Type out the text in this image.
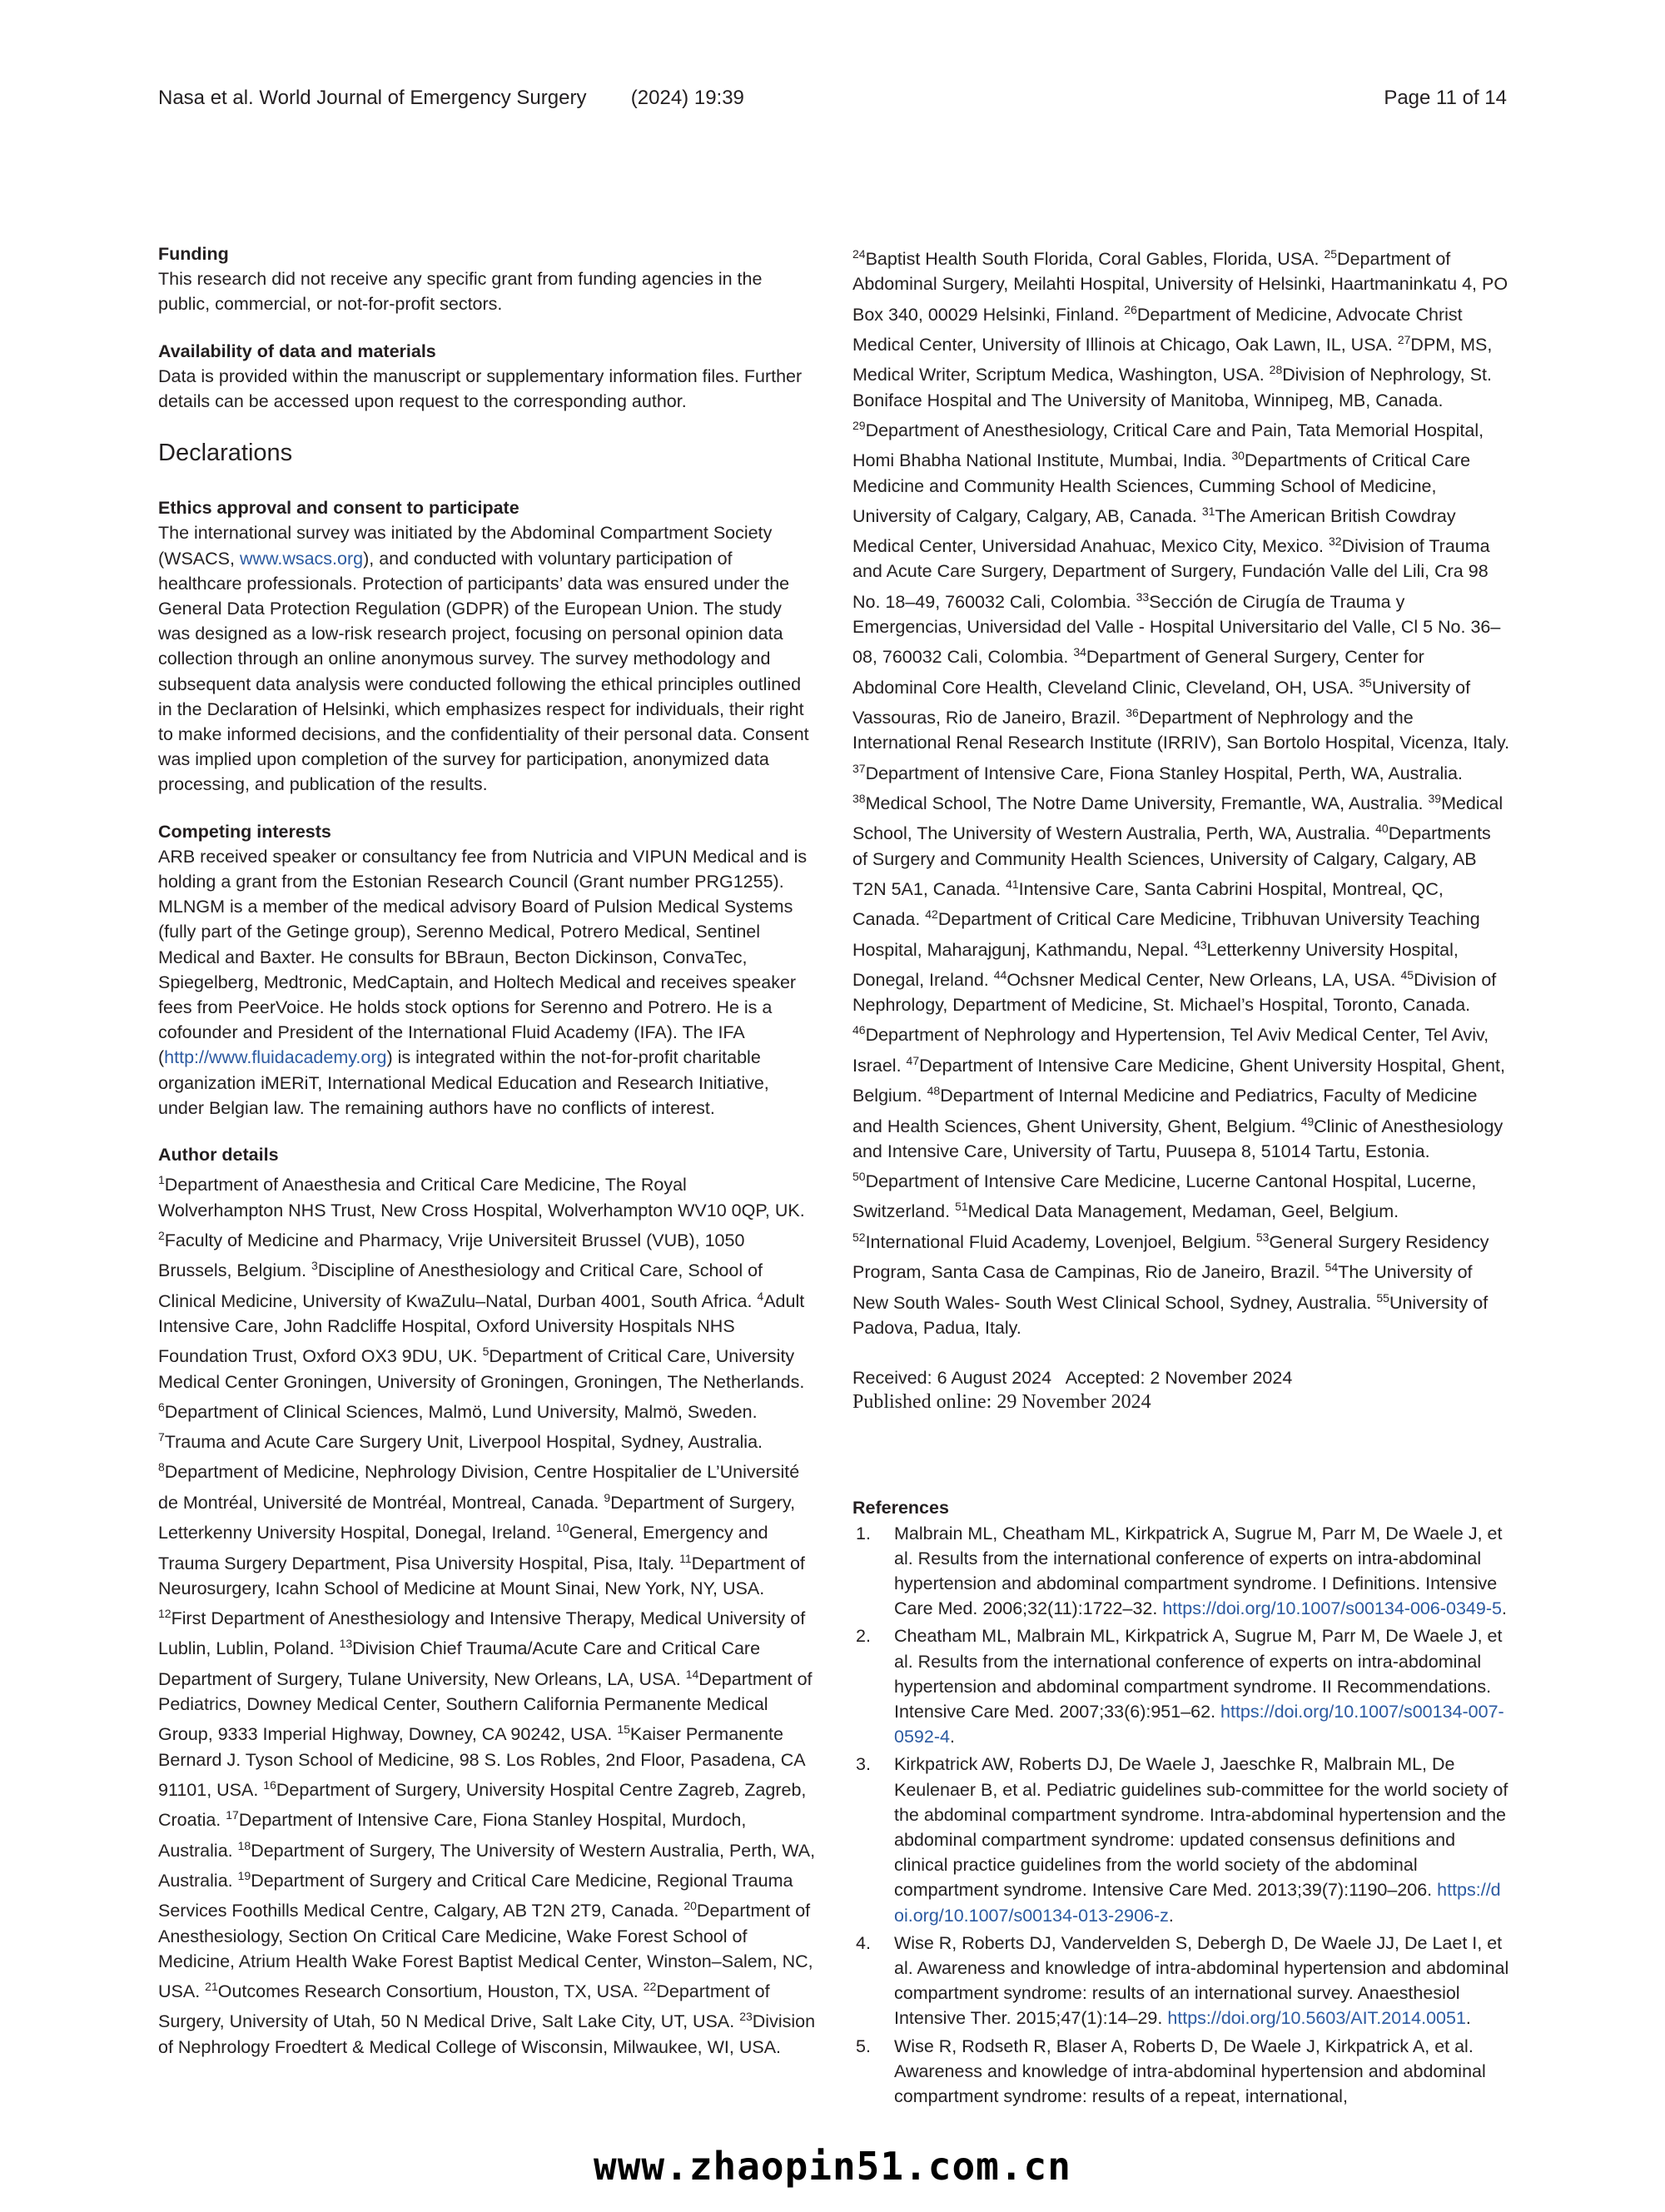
Nasa et al. World Journal of Emergency Surgery        (2024) 19:39	Page 11 of 14

Funding

This research did not receive any specific grant from funding agencies in the public, commercial, or not-for-profit sectors.

Availability of data and materials

Data is provided within the manuscript or supplementary information files. Further details can be accessed upon request to the corresponding author.

Declarations

Ethics approval and consent to participate

The international survey was initiated by the Abdominal Compartment Society (WSACS, www.wsacs.org), and conducted with voluntary participation of healthcare professionals. Protection of participants’ data was ensured under the General Data Protection Regulation (GDPR) of the European Union. The study was designed as a low-risk research project, focusing on personal opinion data collection through an online anonymous survey. The survey methodology and subsequent data analysis were conducted following the ethical principles outlined in the Declaration of Helsinki, which emphasizes respect for individuals, their right to make informed decisions, and the confidentiality of their personal data. Consent was implied upon completion of the survey for participation, anonymized data processing, and publication of the results.

Competing interests

ARB received speaker or consultancy fee from Nutricia and VIPUN Medical and is holding a grant from the Estonian Research Council (Grant number PRG1255). MLNGM is a member of the medical advisory Board of Pulsion Medical Systems (fully part of the Getinge group), Serenno Medical, Potrero Medical, Sentinel Medical and Baxter. He consults for BBraun, Becton Dickinson, ConvaTec, Spiegelberg, Medtronic, MedCaptain, and Holtech Medical and receives speaker fees from PeerVoice. He holds stock options for Serenno and Potrero. He is a cofounder and President of the International Fluid Academy (IFA). The IFA (http://www.fluidacademy.org) is integrated within the not-for-profit charitable organization iMERiT, International Medical Education and Research Initiative, under Belgian law. The remaining authors have no conflicts of interest.

Author details

$^1$Department of Anaesthesia and Critical Care Medicine, The Royal Wolverhampton NHS Trust, New Cross Hospital, Wolverhampton WV10 0QP, UK. $^2$Faculty of Medicine and Pharmacy, Vrije Universiteit Brussel (VUB), 1050 Brussels, Belgium. $^3$Discipline of Anesthesiology and Critical Care, School of Clinical Medicine, University of KwaZulu–Natal, Durban 4001, South Africa. $^4$Adult Intensive Care, John Radcliffe Hospital, Oxford University Hospitals NHS Foundation Trust, Oxford OX3 9DU, UK. $^5$Department of Critical Care, University Medical Center Groningen, University of Groningen, Groningen, The Netherlands. $^6$Department of Clinical Sciences, Malmö, Lund University, Malmö, Sweden. $^7$Trauma and Acute Care Surgery Unit, Liverpool Hospital, Sydney, Australia. $^8$Department of Medicine, Nephrology Division, Centre Hospitalier de L’Université de Montréal, Université de Montréal, Montreal, Canada. $^9$Department of Surgery, Letterkenny University Hospital, Donegal, Ireland. $^{10}$General, Emergency and Trauma Surgery Department, Pisa University Hospital, Pisa, Italy. $^{11}$Department of Neurosurgery, Icahn School of Medicine at Mount Sinai, New York, NY, USA. $^{12}$First Department of Anesthesiology and Intensive Therapy, Medical University of Lublin, Lublin, Poland. $^{13}$Division Chief Trauma/Acute Care and Critical Care Department of Surgery, Tulane University, New Orleans, LA, USA. $^{14}$Department of Pediatrics, Downey Medical Center, Southern California Permanente Medical Group, 9333 Imperial Highway, Downey, CA 90242, USA. $^{15}$Kaiser Permanente Bernard J. Tyson School of Medicine, 98 S. Los Robles, 2nd Floor, Pasadena, CA 91101, USA. $^{16}$Department of Surgery, University Hospital Centre Zagreb, Zagreb, Croatia. $^{17}$Department of Intensive Care, Fiona Stanley Hospital, Murdoch, Australia. $^{18}$Department of Surgery, The University of Western Australia, Perth, WA, Australia. $^{19}$Department of Surgery and Critical Care Medicine, Regional Trauma Services Foothills Medical Centre, Calgary, AB T2N 2T9, Canada. $^{20}$Department of Anesthesiology, Section On Critical Care Medicine, Wake Forest School of Medicine, Atrium Health Wake Forest Baptist Medical Center, Winston–Salem, NC, USA. $^{21}$Outcomes Research Consortium, Houston, TX, USA. $^{22}$Department of Surgery, University of Utah, 50 N Medical Drive, Salt Lake City, UT, USA. $^{23}$Division of Nephrology Froedtert & Medical College of Wisconsin, Milwaukee, WI, USA.

$^{24}$Baptist Health South Florida, Coral Gables, Florida, USA. $^{25}$Department of Abdominal Surgery, Meilahti Hospital, University of Helsinki, Haartmaninkatu 4, PO Box 340, 00029 Helsinki, Finland. $^{26}$Department of Medicine, Advocate Christ Medical Center, University of Illinois at Chicago, Oak Lawn, IL, USA. $^{27}$DPM, MS, Medical Writer, Scriptum Medica, Washington, USA. $^{28}$Division of Nephrology, St. Boniface Hospital and The University of Manitoba, Winnipeg, MB, Canada. $^{29}$Department of Anesthesiology, Critical Care and Pain, Tata Memorial Hospital, Homi Bhabha National Institute, Mumbai, India. $^{30}$Departments of Critical Care Medicine and Community Health Sciences, Cumming School of Medicine, University of Calgary, Calgary, AB, Canada. $^{31}$The American British Cowdray Medical Center, Universidad Anahuac, Mexico City, Mexico. $^{32}$Division of Trauma and Acute Care Surgery, Department of Surgery, Fundación Valle del Lili, Cra 98 No. 18–49, 760032 Cali, Colombia. $^{33}$Sección de Cirugía de Trauma y Emergencias, Universidad del Valle - Hospital Universitario del Valle, Cl 5 No. 36–08, 760032 Cali, Colombia. $^{34}$Department of General Surgery, Center for Abdominal Core Health, Cleveland Clinic, Cleveland, OH, USA. $^{35}$University of Vassouras, Rio de Janeiro, Brazil. $^{36}$Department of Nephrology and the International Renal Research Institute (IRRIV), San Bortolo Hospital, Vicenza, Italy. $^{37}$Department of Intensive Care, Fiona Stanley Hospital, Perth, WA, Australia. $^{38}$Medical School, The Notre Dame University, Fremantle, WA, Australia. $^{39}$Medical School, The University of Western Australia, Perth, WA, Australia. $^{40}$Departments of Surgery and Community Health Sciences, University of Calgary, Calgary, AB T2N 5A1, Canada. $^{41}$Intensive Care, Santa Cabrini Hospital, Montreal, QC, Canada. $^{42}$Department of Critical Care Medicine, Tribhuvan University Teaching Hospital, Maharajgunj, Kathmandu, Nepal. $^{43}$Letterkenny University Hospital, Donegal, Ireland. $^{44}$Ochsner Medical Center, New Orleans, LA, USA. $^{45}$Division of Nephrology, Department of Medicine, St. Michael’s Hospital, Toronto, Canada. $^{46}$Department of Nephrology and Hypertension, Tel Aviv Medical Center, Tel Aviv, Israel. $^{47}$Department of Intensive Care Medicine, Ghent University Hospital, Ghent, Belgium. $^{48}$Department of Internal Medicine and Pediatrics, Faculty of Medicine and Health Sciences, Ghent University, Ghent, Belgium. $^{49}$Clinic of Anesthesiology and Intensive Care, University of Tartu, Puusepa 8, 51014 Tartu, Estonia. $^{50}$Department of Intensive Care Medicine, Lucerne Cantonal Hospital, Lucerne, Switzerland. $^{51}$Medical Data Management, Medaman, Geel, Belgium. $^{52}$International Fluid Academy, Lovenjoel, Belgium. $^{53}$General Surgery Residency Program, Santa Casa de Campinas, Rio de Janeiro, Brazil. $^{54}$The University of New South Wales- South West Clinical School, Sydney, Australia. $^{55}$University of Padova, Padua, Italy.

Received: 6 August 2024   Accepted: 2 November 2024
Published online: 29 November 2024

References

1. Malbrain ML, Cheatham ML, Kirkpatrick A, Sugrue M, Parr M, De Waele J, et al. Results from the international conference of experts on intra-abdominal hypertension and abdominal compartment syndrome. I Definitions. Intensive Care Med. 2006;32(11):1722–32. https://doi.org/10.1007/s00134-006-0349-5.
2. Cheatham ML, Malbrain ML, Kirkpatrick A, Sugrue M, Parr M, De Waele J, et al. Results from the international conference of experts on intra-abdominal hypertension and abdominal compartment syndrome. II Recommendations. Intensive Care Med. 2007;33(6):951–62. https://doi.org/10.1007/s00134-007-0592-4.
3. Kirkpatrick AW, Roberts DJ, De Waele J, Jaeschke R, Malbrain ML, De Keulenaer B, et al. Pediatric guidelines sub-committee for the world society of the abdominal compartment syndrome. Intra-abdominal hypertension and the abdominal compartment syndrome: updated consensus definitions and clinical practice guidelines from the world society of the abdominal compartment syndrome. Intensive Care Med. 2013;39(7):1190–206. https://doi.org/10.1007/s00134-013-2906-z.
4. Wise R, Roberts DJ, Vandervelden S, Debergh D, De Waele JJ, De Laet I, et al. Awareness and knowledge of intra-abdominal hypertension and abdominal compartment syndrome: results of an international survey. Anaesthesiol Intensive Ther. 2015;47(1):14–29. https://doi.org/10.5603/AIT.2014.0051.
5. Wise R, Rodseth R, Blaser A, Roberts D, De Waele J, Kirkpatrick A, et al. Awareness and knowledge of intra-abdominal hypertension and abdominal compartment syndrome: results of a repeat, international,
www.zhaopin51.com.cn
